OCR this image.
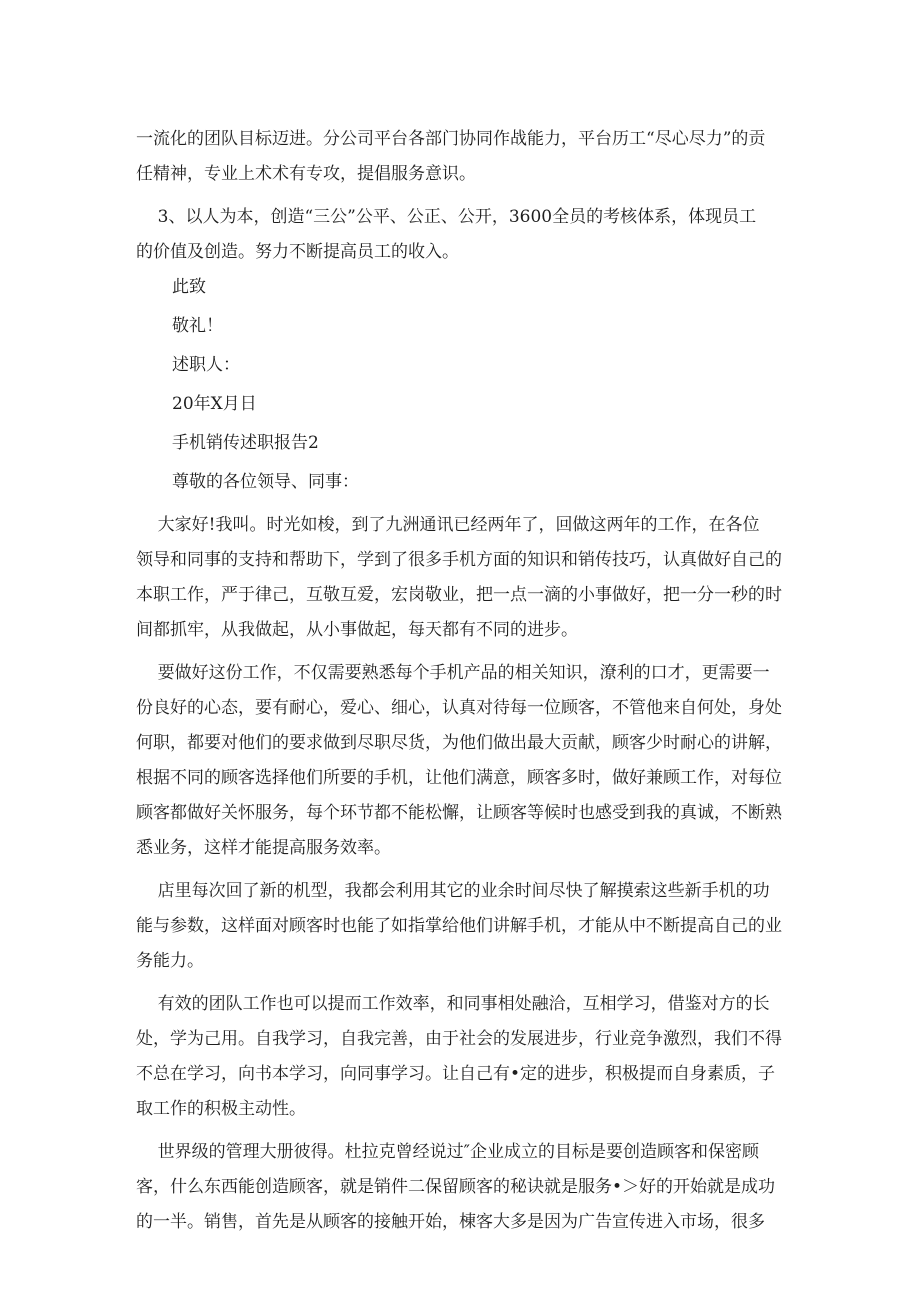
一流化的团队目标迈进。分公司平台各部门协同作战能力，平台历工“尽心尽力”的贡
任精神，专业上术术有专攻，提倡服务意识。

3、以人为本，创造“三公”公平、公正、公开，3600全员的考核体系，体现员工
的价值及创造。努力不断提高员工的收入。

此致

敬礼！

述职人：

20年X月日

手机销传述职报告2

尊敬的各位领导、同事：

大家好!我叫。时光如梭，到了九洲通讯已经两年了，回做这两年的工作，在各位
领导和同事的支持和帮助下，学到了很多手机方面的知识和销传技巧，认真做好自己的
本职工作，严于律己，互敬互爱，宏岗敬业，把一点一滴的小事做好，把一分一秒的时
间都抓牢，从我做起，从小事做起，每天都有不同的进步。

要做好这份工作，不仅需要熟悉每个手机产品的相关知识，潦利的口才，更需要一
份良好的心态，要有耐心，爱心、细心，认真对待每一位顾客，不管他来自何处，身处
何职，都要对他们的要求做到尽职尽货，为他们做出最大贡献，顾客少时耐心的讲解，
根据不同的顾客选择他们所要的手机，让他们满意，顾客多时，做好兼顾工作，对每位
顾客都做好关怀服务，每个环节都不能松懈，让顾客等候时也感受到我的真诚，不断熟
悉业务，这样才能提高服务效率。

店里每次回了新的机型，我都会利用其它的业余时间尽快了解摸索这些新手机的功
能与参数，这样面对顾客时也能了如指掌给他们讲解手机，才能从中不断提高自己的业
务能力。

有效的团队工作也可以提而工作效率，和同事相处融洽，互相学习，借鉴对方的长
处，学为己用。自我学习，自我完善，由于社会的发展进步，行业竞争激烈，我们不得
不总在学习，向书本学习，向同事学习。让自己有•定的进步，积极提而自身素质，子
取工作的积极主动性。

世界级的管理大册彼得。杜拉克曾经说过″企业成立的目标是要创造顾客和保密顾
客，什么东西能创造顾客，就是销件二保留顾客的秘诀就是服务•＞好的开始就是成功
的一半。销售，首先是从顾客的接触开始，棟客大多是因为广告宣传进入市场，很多
